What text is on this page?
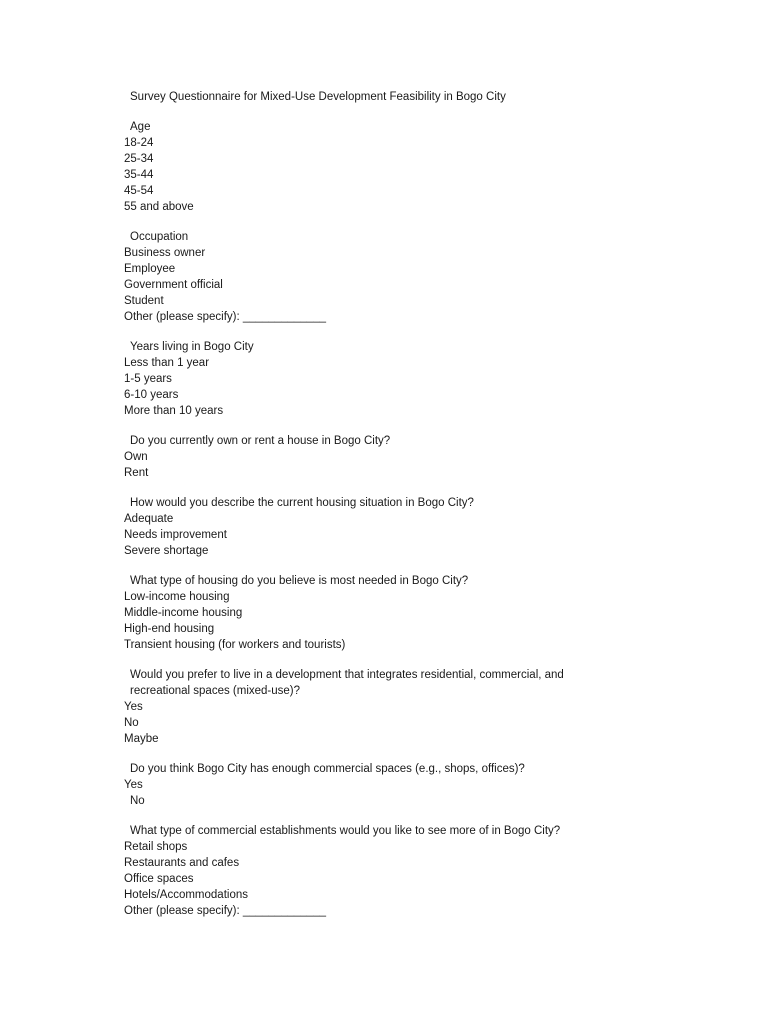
Survey Questionnaire for Mixed-Use Development Feasibility in Bogo City
Age
18-24
25-34
35-44
45-54
55 and above
Occupation
Business owner
Employee
Government official
Student
Other (please specify): _____________
Years living in Bogo City
Less than 1 year
1-5 years
6-10 years
More than 10 years
Do you currently own or rent a house in Bogo City?
Own
Rent
How would you describe the current housing situation in Bogo City?
Adequate
Needs improvement
Severe shortage
What type of housing do you believe is most needed in Bogo City?
Low-income housing
Middle-income housing
High-end housing
Transient housing (for workers and tourists)
Would you prefer to live in a development that integrates residential, commercial, and recreational spaces (mixed-use)?
Yes
No
Maybe
Do you think Bogo City has enough commercial spaces (e.g., shops, offices)?
Yes
No
What type of commercial establishments would you like to see more of in Bogo City?
Retail shops
Restaurants and cafes
Office spaces
Hotels/Accommodations
Other (please specify): _____________
